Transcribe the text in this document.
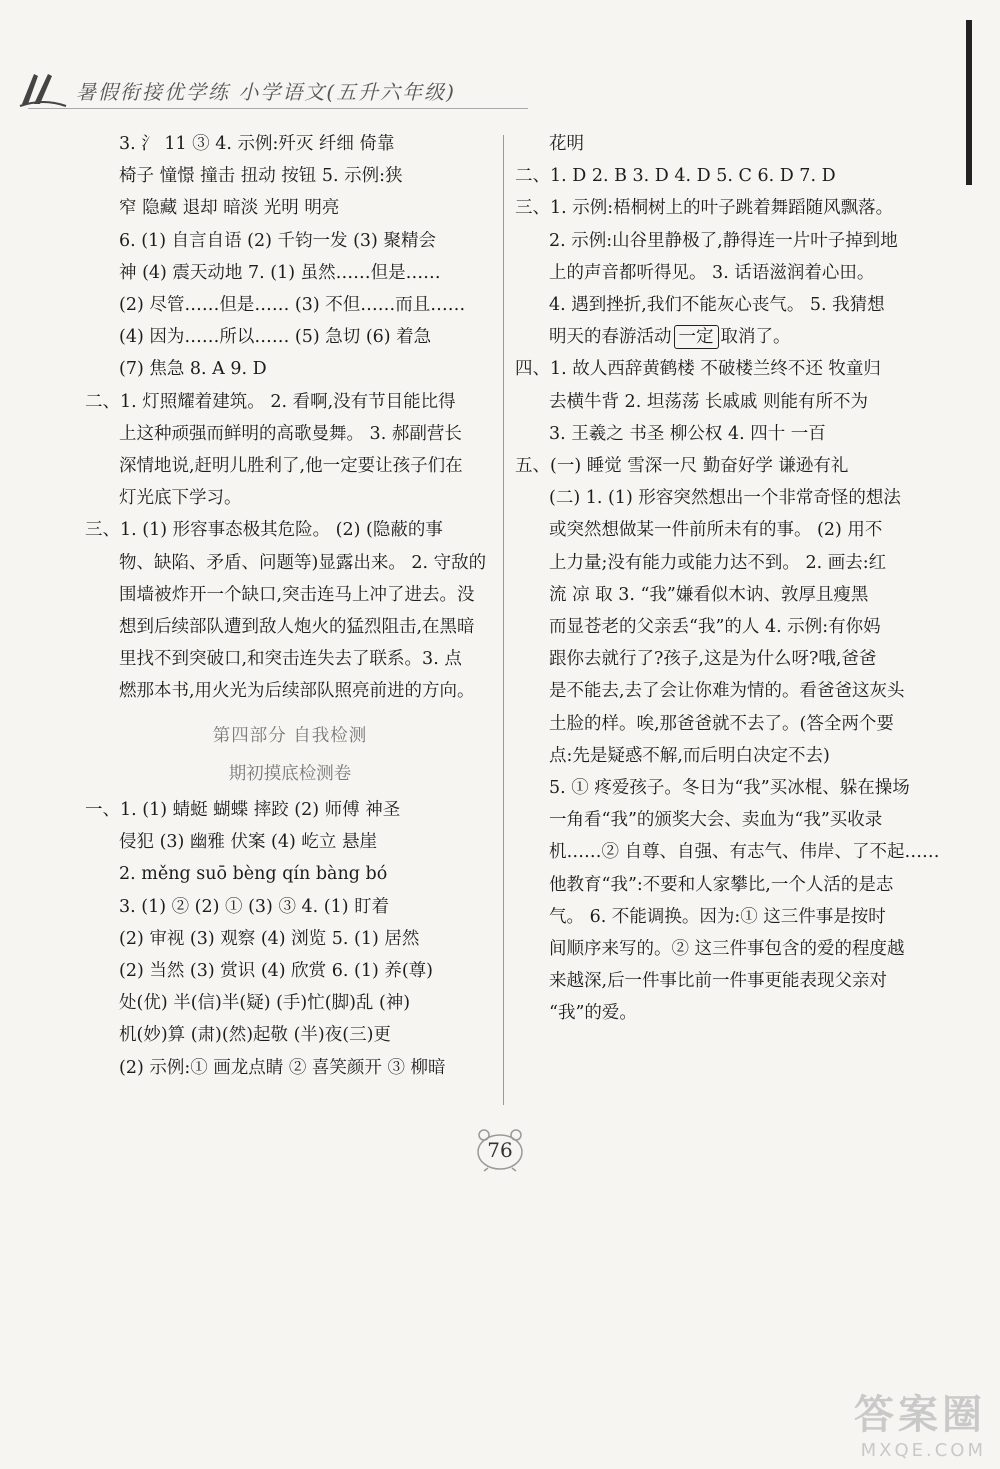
暑假衔接优学练 小学语文(五升六年级)
3. 氵 11 ③ 4. 示例:歼灭 纤细 倚靠
椅子 憧憬 撞击 扭动 按钮 5. 示例:狭
窄 隐藏 退却 暗淡 光明 明亮
6. (1) 自言自语 (2) 千钧一发 (3) 聚精会
神 (4) 震天动地 7. (1) 虽然……但是……
(2) 尽管……但是…… (3) 不但……而且……
(4) 因为……所以…… (5) 急切 (6) 着急
(7) 焦急 8. A 9. D
二、1. 灯照耀着建筑。 2. 看啊,没有节目能比得
上这种顽强而鲜明的高歌曼舞。 3. 郝副营长
深情地说,赶明儿胜利了,他一定要让孩子们在
灯光底下学习。
三、1. (1) 形容事态极其危险。 (2) (隐蔽的事
物、缺陷、矛盾、问题等)显露出来。 2. 守敌的
围墙被炸开一个缺口,突击连马上冲了进去。没
想到后续部队遭到敌人炮火的猛烈阻击,在黑暗
里找不到突破口,和突击连失去了联系。3. 点
燃那本书,用火光为后续部队照亮前进的方向。
第四部分 自我检测
期初摸底检测卷
一、1. (1) 蜻蜓 蝴蝶 摔跤 (2) 师傅 神圣
侵犯 (3) 幽雅 伏案 (4) 屹立 悬崖
2. měng suō bèng qín bàng bó
3. (1) ② (2) ① (3) ③ 4. (1) 盯着
(2) 审视 (3) 观察 (4) 浏览 5. (1) 居然
(2) 当然 (3) 赏识 (4) 欣赏 6. (1) 养(尊)
处(优) 半(信)半(疑) (手)忙(脚)乱 (神)
机(妙)算 (肃)(然)起敬 (半)夜(三)更
(2) 示例:① 画龙点睛 ② 喜笑颜开 ③ 柳暗
花明
二、1. D 2. B 3. D 4. D 5. C 6. D 7. D
三、1. 示例:梧桐树上的叶子跳着舞蹈随风飘落。
2. 示例:山谷里静极了,静得连一片叶子掉到地
上的声音都听得见。 3. 话语滋润着心田。
4. 遇到挫折,我们不能灰心丧气。 5. 我猜想
明天的春游活动 一定 取消了。
四、1. 故人西辞黄鹤楼 不破楼兰终不还 牧童归
去横牛背 2. 坦荡荡 长戚戚 则能有所不为
3. 王羲之 书圣 柳公权 4. 四十 一百
五、(一) 睡觉 雪深一尺 勤奋好学 谦逊有礼
(二) 1. (1) 形容突然想出一个非常奇怪的想法
或突然想做某一件前所未有的事。 (2) 用不
上力量;没有能力或能力达不到。 2. 画去:红
流 凉 取 3. “我”嫌看似木讷、敦厚且瘦黑
而显苍老的父亲丢“我”的人 4. 示例:有你妈
跟你去就行了?孩子,这是为什么呀?哦,爸爸
是不能去,去了会让你难为情的。看爸爸这灰头
土脸的样。唉,那爸爸就不去了。(答全两个要
点:先是疑惑不解,而后明白决定不去)
5. ① 疼爱孩子。冬日为“我”买冰棍、躲在操场
一角看“我”的颁奖大会、卖血为“我”买收录
机……② 自尊、自强、有志气、伟岸、了不起……
他教育“我”:不要和人家攀比,一个人活的是志
气。 6. 不能调换。因为:① 这三件事是按时
间顺序来写的。② 这三件事包含的爱的程度越
来越深,后一件事比前一件事更能表现父亲对
“我”的爱。
76
答案圈
MXQE.COM
